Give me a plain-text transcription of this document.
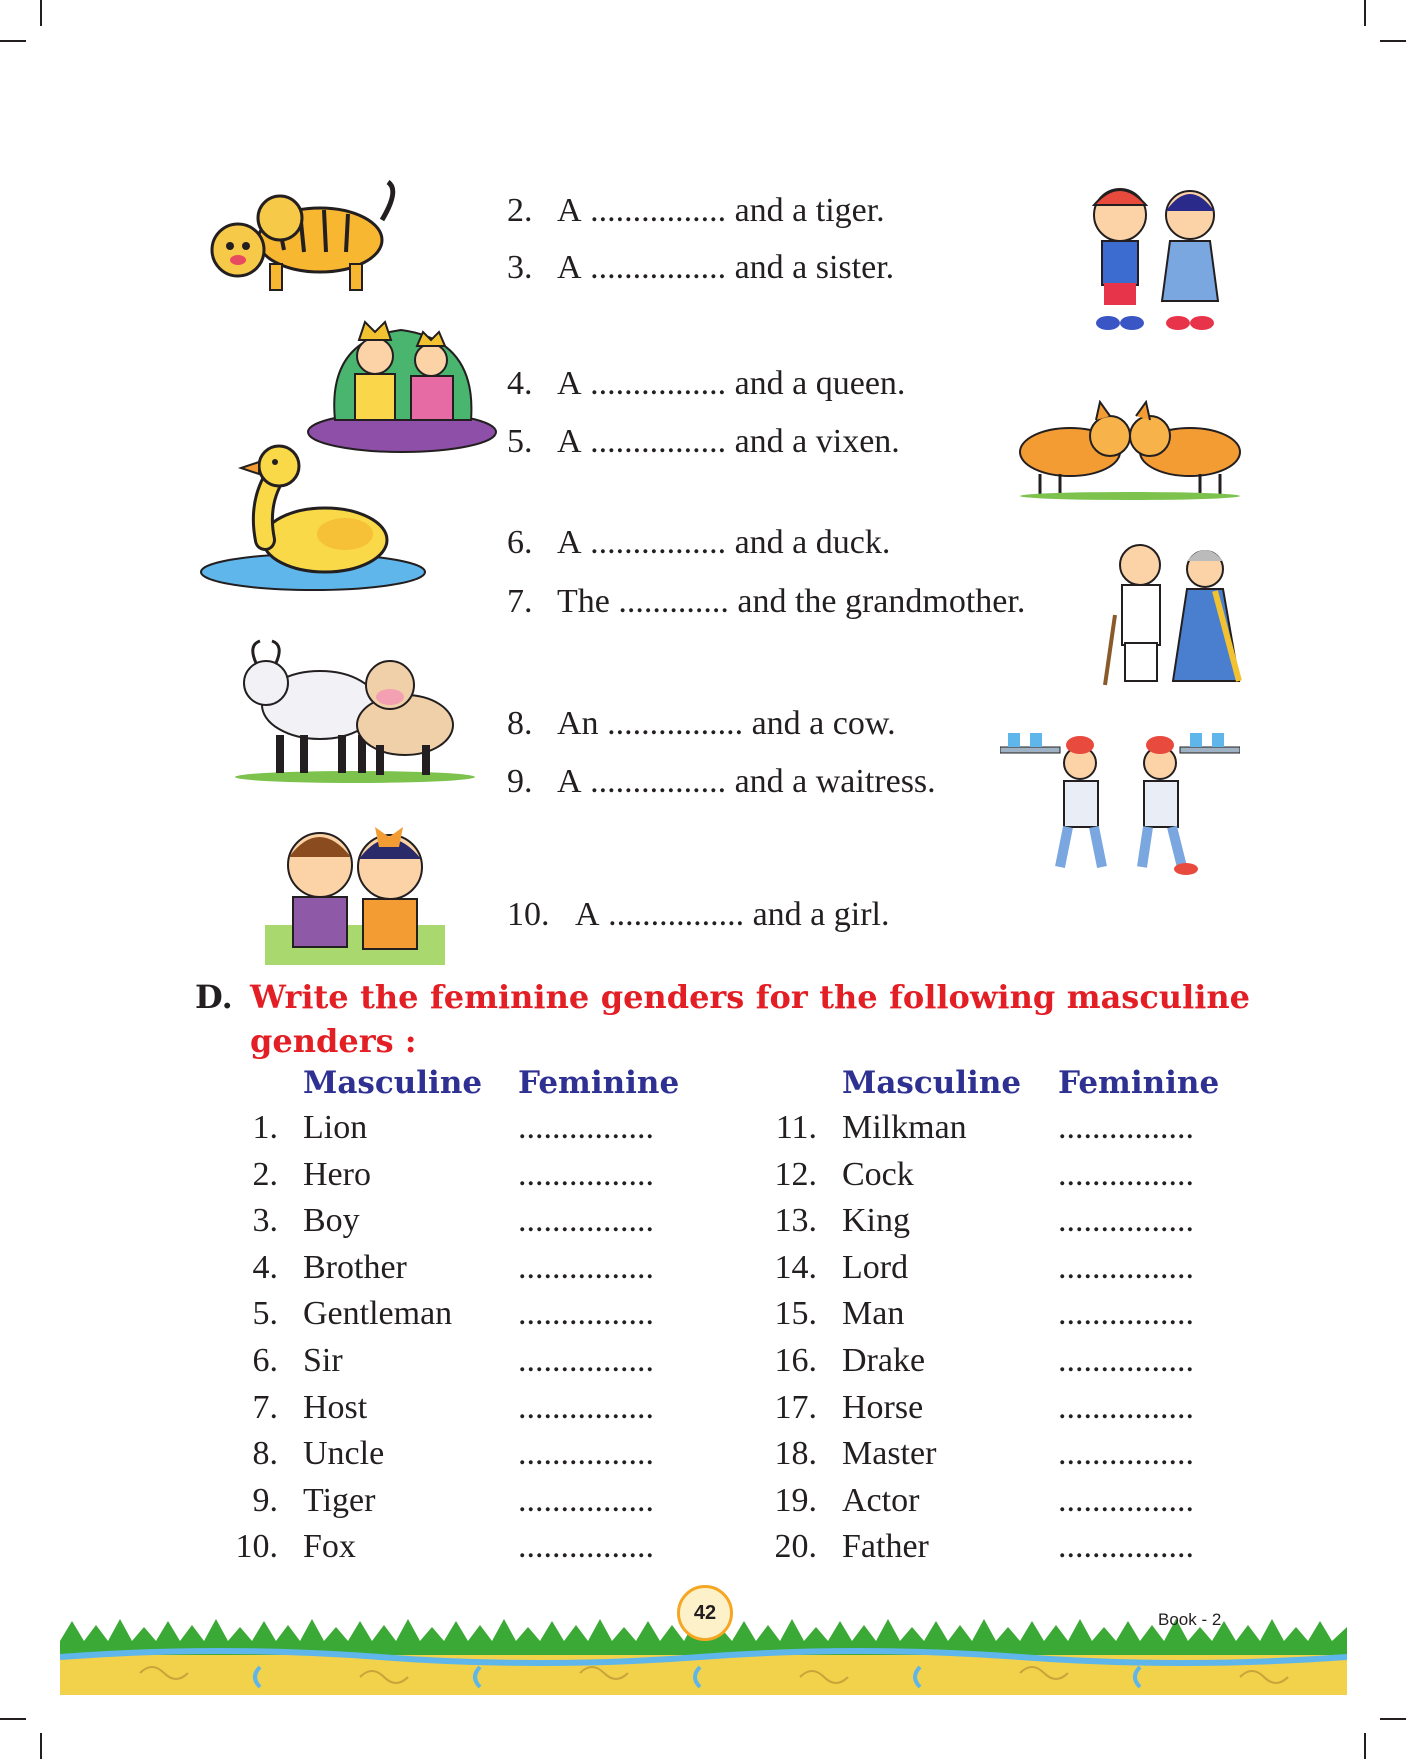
2. A ................ and a tiger.
3. A ................ and a sister.
4. A ................ and a queen.
5. A ................ and a vixen.
6. A ................ and a duck.
7. The ............. and the grandmother.
8. An ................ and a cow.
9. A ................ and a waitress.
10. A ................ and a girl.
D. Write the feminine genders for the following masculine
genders :
Masculine Feminine	Masculine Feminine
1. Lion	................
2. Hero	................
3. Boy	................
4. Brother	................
5. Gentleman ................
6. Sir	................
7. Host	................
8. Uncle	................
9. Tiger	................
10. Fox	................
11. Milkman	................
12. Cock	................
13. King	................
14. Lord	................
15. Man	................
16. Drake	................
17. Horse	................
18. Master	................
19. Actor	................
20. Father	................
42	Book - 2
